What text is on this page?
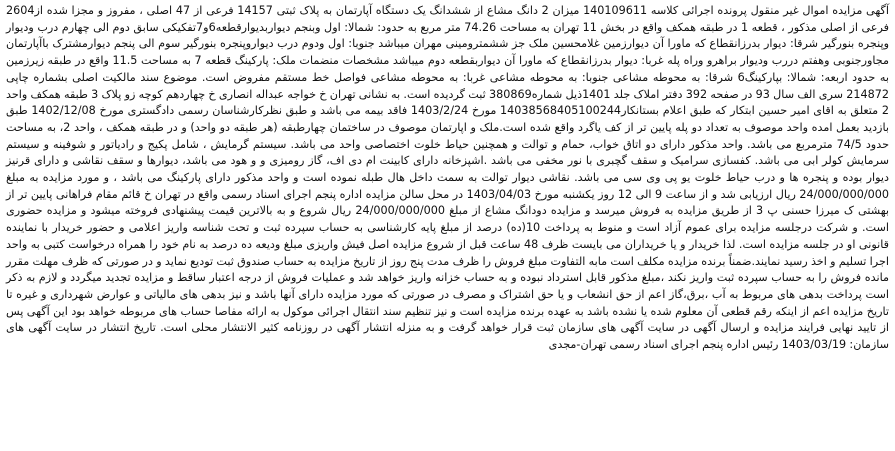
آگهی مزایده اموال غیر منقول پرونده اجرائی کلاسه 140109611 میزان 2 دانگ مشاع از ششدانگ یک دستگاه آپارتمان به پلاک ثبتی 14157 فرعی از 47 اصلی ، مفروز و مجزا شده از2604 فرعی از اصلی مذکور ، قطعه 1 در طبقه همکف واقع در بخش 11 تهران به مساحت 74.26 متر مربع به حدود: شمالا: اول وبنجم دیواربدیوارقطعه6و7تفکیکی سابق دوم الی چهارم درب ودیوار وپنجره بنورگیر شرقا: دیوار بدرزانقطاع که ماورا آن دیوارزمین غلامحسین ملک جز ششمترومینی مهران میباشد جنوبا: اول ودوم درب دیواروپنجره بنورگیر سوم الی پنجم دیوارمشترک باآپارتمان مجاورجنوبی وهفتم دررب ودیوار براهرو وراه پله غربا: دیوار بدرزانقطاع که ماورا آن دیواربقطعه دوم میباشد مشخصات منضمات ملک: پارکینگ قطعه 7 به مساحت 11.5 واقع در طبقه زیرزمین به حدود اربعه: شمالا: بپارکینگ6 شرقا: به محوطه مشاعی جنوبا: به محوطه مشاعی غربا: به محوطه مشاعی فواصل خط مستقم مفروض است. موضوع سند مالکیت اصلی بشماره چاپی 214872 سری الف سال 93 در صفحه 392 دفتر املاک جلد 1401ذیل شماره380869 ثبت گردیده است. به نشانی تهران خ خواجه عبداله انصاری خ چهاردهم کوچه زو پلاک 3 طبقه همکف واحد 2 متعلق به اقای امیر حسین ابتکار که طبق اعلام بستانکار14038568405100244 مورخ 1403/2/24 فاقد بیمه می باشد و طبق نظرکارشناسان رسمی دادگستری مورخ 1402/12/08 طبق بازدید بعمل امده واحد موصوف به تعداد دو پله پایین تر از کف یاگرد واقع شده است.ملک و اپارتمان موصوف در ساختمان چهارطبقه (هر طبقه دو واحد) و در طبقه همکف ، واحد 2، به مساحت حدود 74/5 مترمربع می باشد. واحد مذکور دارای دو اتاق خواب، حمام و توالت و همچنین حیاط خلوت اختصاصی واحد می باشد. سیستم گرمایش ، شامل پکیج و رادیاتور و شوفینه و سیستم سرمایش کولر ابی می باشد. کفسازی سرامیک و سقف گچبری با نور مخفی می باشد .اشپزخانه دارای کابینت ام دی اف، گاز رومیزی و و هود می باشد، دیوارها و سقف نقاشی و دارای قرنیز دیوار بوده و پنجره ها و درب حیاط خلوت یو پی وی سی می باشد. نقاشی دیوار توالت به سمت داخل هال طبله نموده است و واحد مذکور دارای پارکینگ می باشد ، و مورد مزایده به مبلغ 24/000/000/000 ریال ارزیابی شد و از ساعت 9 الی 12 روز یکشنبه مورخ 1403/04/03 در محل سالن مزایده اداره پنجم اجرای اسناد رسمی واقع در تهران خ قائم مقام فراهانی پایین تر از بهشتی ک میرزا حسنی پ 3 از طریق مزایده به فروش میرسد و مزایده دودانگ مشاع از مبلغ 24/000/000/000 ریال شروع و به بالاترین قیمت پیشنهادی فروخته میشود و مزایده حضوری است. و شرکت درجلسه مزایده برای عموم آزاد است و منوط به پرداخت 10(ده) درصد از مبلغ پایه کارشناسی به حساب سپرده ثبت و تحت شناسه واریز اعلامی و حضور خریدار با نماینده قانونی او در جلسه مزایده است. لذا خریدار و یا خریداران می بایست ظرف 48 ساعت قبل از شروع مزایده اصل فیش واریزی مبلغ ودیعه ده درصد به نام خود را همراه درخواست کتبی به واحد اجرا تسلیم و اخذ رسید نمایند.ضمناً برنده مزایده مکلف است مابه التفاوت مبلغ فروش را ظرف مدت پنج روز از تاریخ مزایده به حساب صندوق ثبت تودیع نماید و در صورتی که ظرف مهلت مقرر مانده فروش را به حساب سپرده ثبت واریز نکند ،مبلغ مذکور قابل استرداد نبوده و به حساب خزانه واریز خواهد شد و عملیات فروش از درجه اعتبار ساقط و مزایده تجدید میگردد و لازم به ذکر است پرداخت بدهی های مربوط به آب ،برق،گاز اعم از حق انشعاب و یا حق اشتراک و مصرف در صورتی که مورد مزایده دارای آنها باشد و نیز بدهی های مالیاتی و عوارض شهرداری و غیره تا تاریخ مزایده اعم از اینکه رقم قطعی آن معلوم شده یا نشده باشد به عهده برنده مزایده است و نیز تنظیم سند انتقال اجرائی موکول به ارائه مفاصا حساب های مربوطه خواهد بود این آگهی پس از تایید نهایی فرایند مزایده و ارسال آگهی در سایت آگهی های سازمان ثبت قرار خواهد گرفت و به منزله انتشار آگهی در روزنامه کثیر الانتشار محلی است. تاریخ انتشار در سایت آگهی های سازمان: 1403/03/19 رئیس اداره پنجم اجرای اسناد رسمی تهران-مجدی
